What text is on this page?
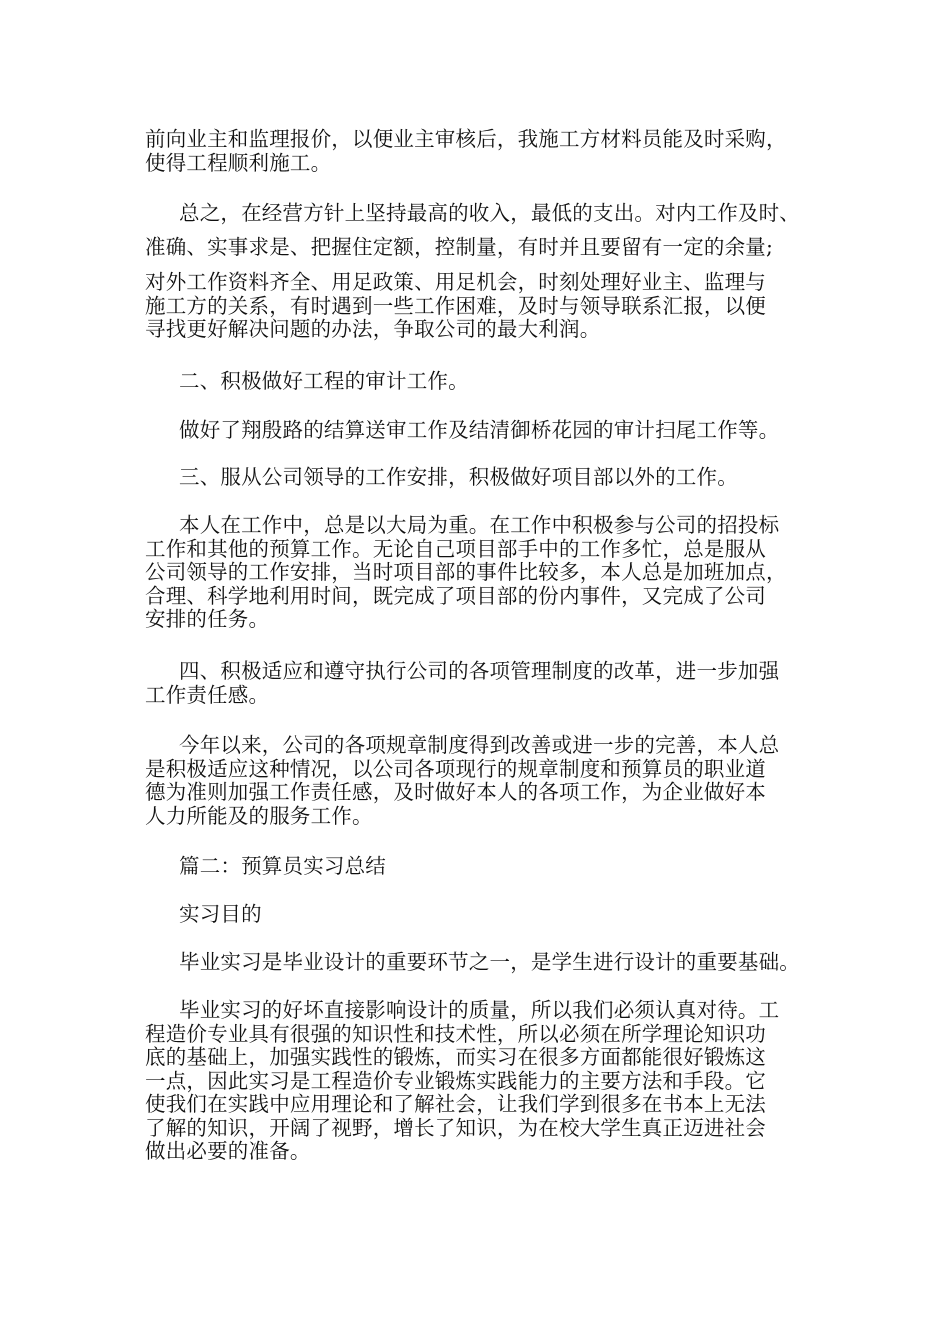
前向业主和监理报价，以便业主审核后，我施工方材料员能及时采购，
使得工程顺利施工。
总之，在经营方针上坚持最高的收入，最低的支出。对内工作及时、
准确、实事求是、把握住定额，控制量，有时并且要留有一定的余量;
对外工作资料齐全、用足政策、用足机会，时刻处理好业主、监理与
施工方的关系，有时遇到一些工作困难，及时与领导联系汇报，以便
寻找更好解决问题的办法，争取公司的最大利润。
二、积极做好工程的审计工作。
做好了翔殷路的结算送审工作及结清御桥花园的审计扫尾工作等。
三、服从公司领导的工作安排，积极做好项目部以外的工作。
本人在工作中，总是以大局为重。在工作中积极参与公司的招投标
工作和其他的预算工作。无论自己项目部手中的工作多忙，总是服从
公司领导的工作安排，当时项目部的事件比较多，本人总是加班加点，
合理、科学地利用时间，既完成了项目部的份内事件，又完成了公司
安排的任务。
四、积极适应和遵守执行公司的各项管理制度的改革，进一步加强
工作责任感。
今年以来，公司的各项规章制度得到改善或进一步的完善，本人总
是积极适应这种情况，以公司各项现行的规章制度和预算员的职业道
德为准则加强工作责任感，及时做好本人的各项工作，为企业做好本
人力所能及的服务工作。
篇二：预算员实习总结
实习目的
毕业实习是毕业设计的重要环节之一，是学生进行设计的重要基础。
毕业实习的好坏直接影响设计的质量，所以我们必须认真对待。工
程造价专业具有很强的知识性和技术性，所以必须在所学理论知识功
底的基础上，加强实践性的锻炼，而实习在很多方面都能很好锻炼这
一点，因此实习是工程造价专业锻炼实践能力的主要方法和手段。它
使我们在实践中应用理论和了解社会，让我们学到很多在书本上无法
了解的知识，开阔了视野，增长了知识，为在校大学生真正迈进社会
做出必要的准备。
